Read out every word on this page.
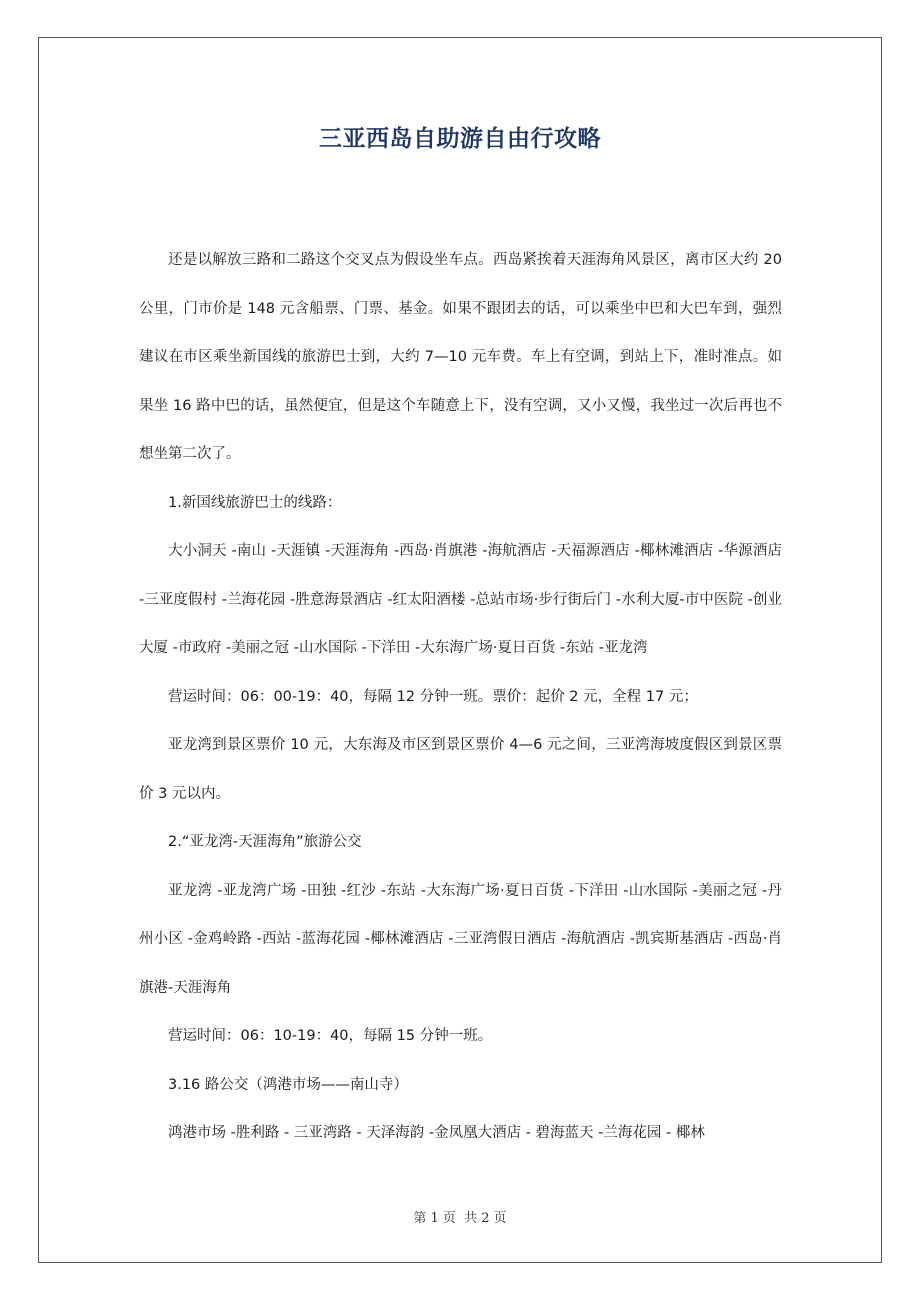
三亚西岛自助游自由行攻略

还是以解放三路和二路这个交叉点为假设坐车点。西岛紧挨着天涯海角风景区，离市区大约 20 公里，门市价是 148 元含船票、门票、基金。如果不跟团去的话，可以乘坐中巴和大巴车到，强烈建议在市区乘坐新国线的旅游巴士到，大约 7—10 元车费。车上有空调，到站上下，准时准点。如果坐 16 路中巴的话，虽然便宜，但是这个车随意上下，没有空调，又小又慢，我坐过一次后再也不想坐第二次了。

1.新国线旅游巴士的线路：

大小洞天 -南山 -天涯镇 -天涯海角 -西岛·肖旗港 -海航酒店 -天福源酒店 -椰林滩酒店 -华源酒店 -三亚度假村 -兰海花园 -胜意海景酒店 -红太阳酒楼 -总站市场·步行街后门 -水利大厦-市中医院 -创业大厦 -市政府 -美丽之冠 -山水国际 -下洋田 -大东海广场·夏日百货 -东站 -亚龙湾

营运时间：06：00-19：40，每隔 12 分钟一班。票价：起价 2 元，全程 17 元；

亚龙湾到景区票价 10 元，大东海及市区到景区票价 4—6 元之间，三亚湾海坡度假区到景区票价 3 元以内。

2.“亚龙湾-天涯海角”旅游公交

亚龙湾 -亚龙湾广场 -田独 -红沙 -东站 -大东海广场·夏日百货 -下洋田 -山水国际 -美丽之冠 -丹州小区 -金鸡岭路 -西站 -蓝海花园 -椰林滩酒店 -三亚湾假日酒店 -海航酒店 -凯宾斯基酒店 -西岛·肖旗港-天涯海角

营运时间：06：10-19：40，每隔 15 分钟一班。

3.16 路公交（鸿港市场——南山寺）

鸿港市场 -胜利路 - 三亚湾路 - 天泽海韵 -金凤凰大酒店 - 碧海蓝天 -兰海花园 - 椰林

第 1 页 共 2 页
